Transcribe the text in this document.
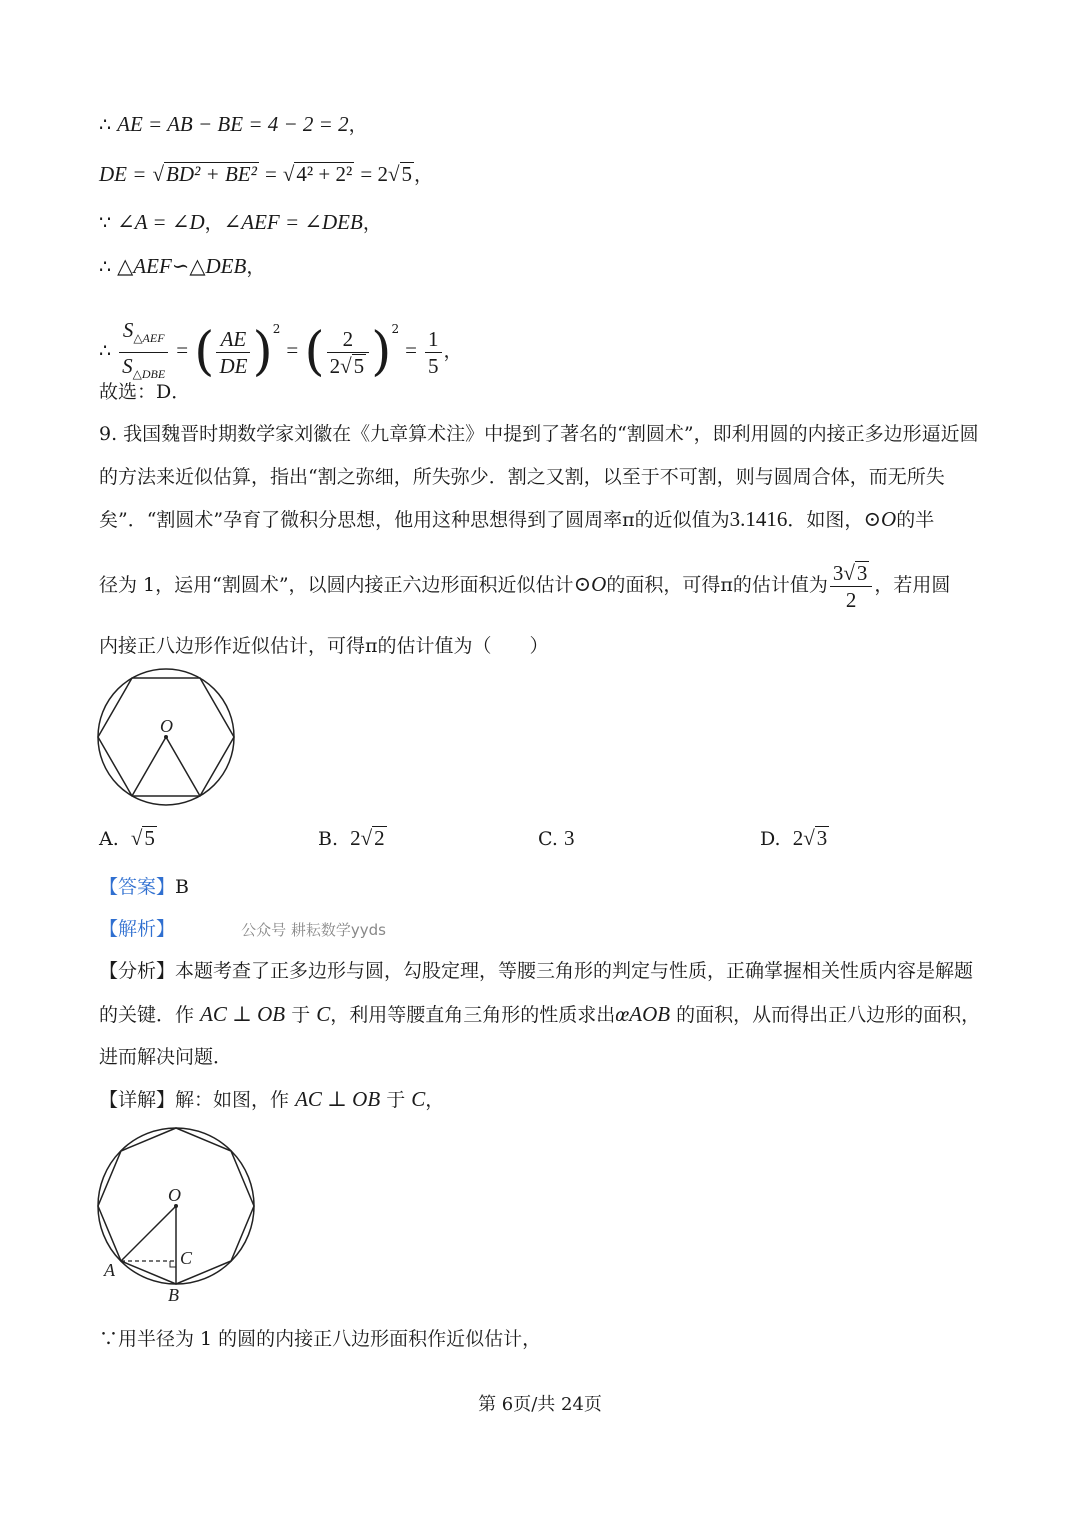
∴ AE = AB − BE = 4 − 2 = 2，
DE = √BD² + BE² = √4² + 2² = 2√5 ，
∵ ∠A = ∠D，∠AEF = ∠DEB，
∴ △AEF∽△DEB，
∴ $\frac{S_{\triangle AEF}}{S_{\triangle DBE}}$ = ( $\frac{AE}{DE} )^2$ = ( $\frac{2}{2√5} )^2 = \frac{1}{5}$ ，
故选：D．
9. 我国魏晋时期数学家刘徽在《九章算术注》中提到了著名的“割圆术”，即利用圆的内接正多边形逼近圆
的方法来近似估算，指出“割之弥细，所失弥少．割之又割，以至于不可割，则与圆周合体，而无所失
矣”．“割圆术”孕育了微积分思想，他用这种思想得到了圆周率π的近似值为3.1416．如图，⊙O的半
径为 1，运用“割圆术”，以圆内接正六边形面积近似估计⊙O的面积，可得π的估计值为 $\frac{3√3}{2}$ ，若用圆
内接正八边形作近似估计，可得π的估计值为（　　）
O
A. √5	B. 2√2	C. 3	D. 2√3
【答案】B
【解析】	公众号 耕耘数学yyds
【分析】本题考查了正多边形与圆，勾股定理，等腰三角形的判定与性质，正确掌握相关性质内容是解题
的关键．作 AC ⊥ OB 于 C，利用等腰直角三角形的性质求出œAOB 的面积，从而得出正八边形的面积，
进而解决问题．
【详解】解：如图，作 AC ⊥ OB 于 C，
O
A
B
C
∵用半径为 1 的圆的内接正八边形面积作近似估计，
第 6页/共 24页
